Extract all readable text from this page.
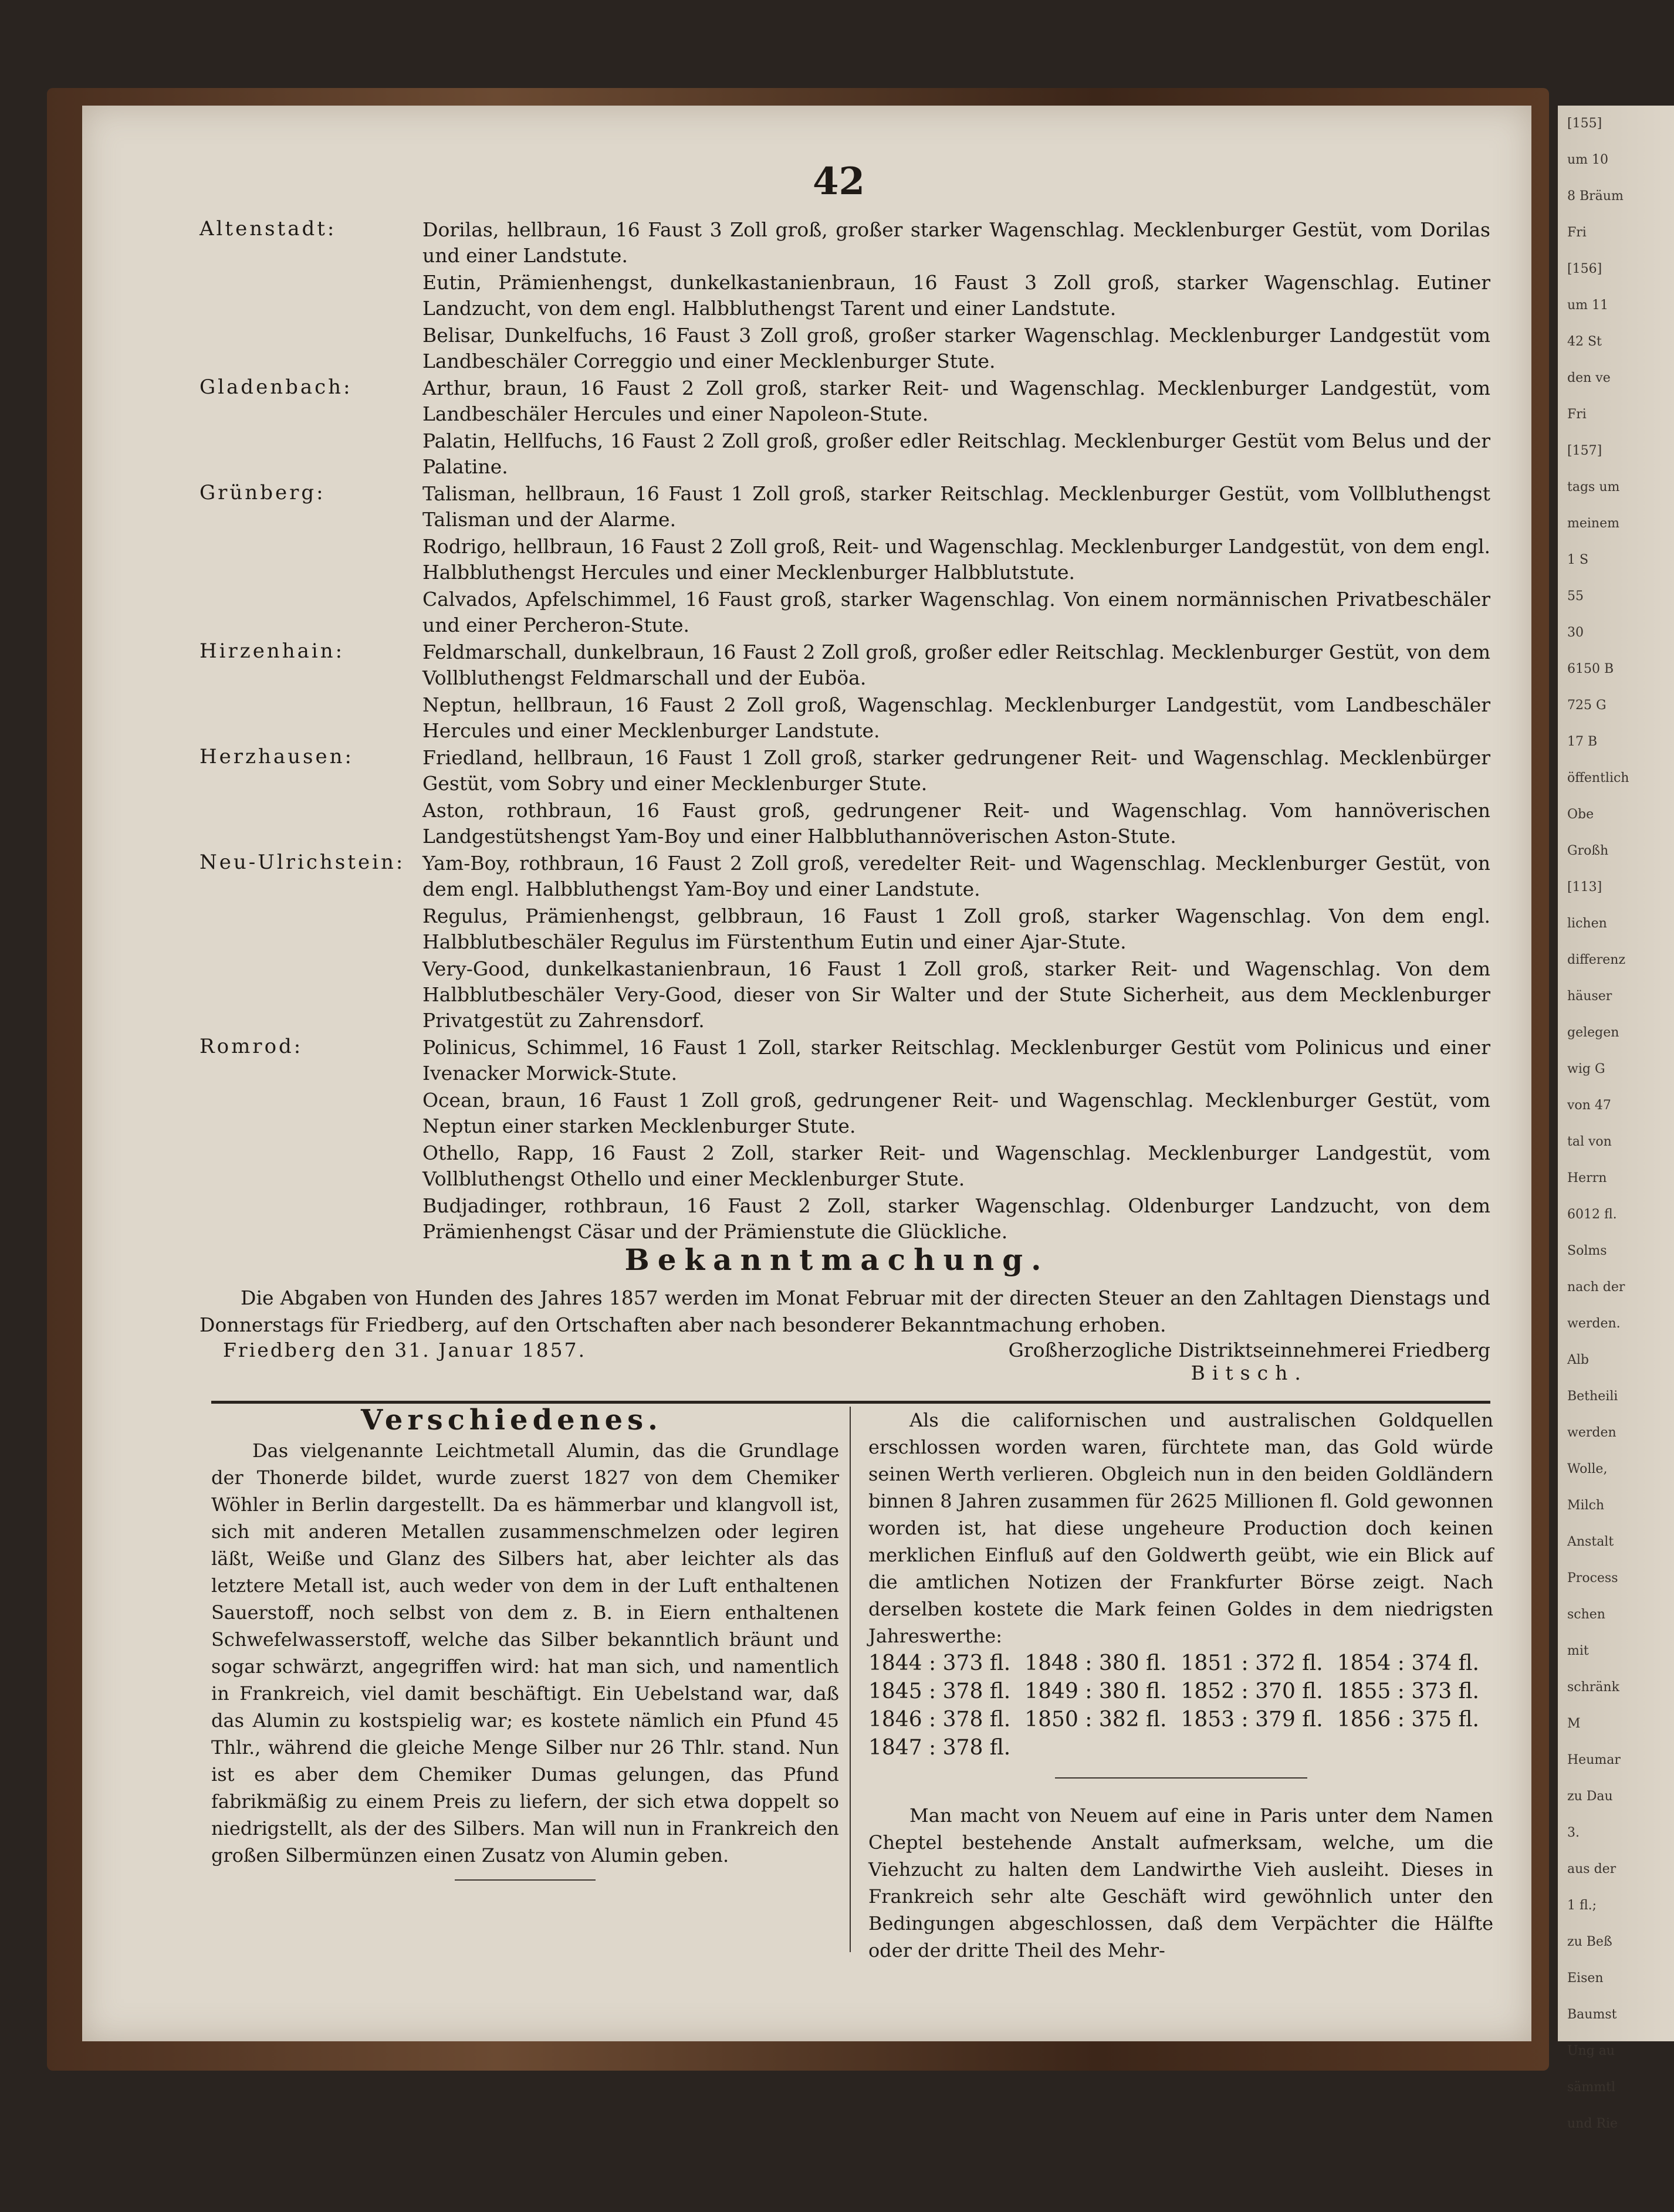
[155]
um 10
8 Bräum
Fri
[156]
um 11
42 St
den ve
Fri
[157]
tags um
meinem
1 S
55
30
6150 B
725 G
17 B
öffentlich
Obe
Großh
[113]
lichen
differenz
häuser
gelegen
wig G
von 47
tal von
Herrn
6012 fl.
Solms
nach der
werden.
Alb
Betheili
werden
Wolle,
Milch
Anstalt
Process
schen
mit
schränk
M
Heumar
zu Dau
3.
aus der
1 fl.;
zu Beß
Eisen
Baumst
Ung au
sämmtl
und Rie
42
Altenstadt:	Dorilas, hellbraun, 16 Faust 3 Zoll groß, großer starker Wagenschlag. Mecklenburger Gestüt, vom Dorilas und einer Landstute.
Eutin, Prämienhengst, dunkelkastanienbraun, 16 Faust 3 Zoll groß, starker Wagenschlag. Eutiner Landzucht, von dem engl. Halbbluthengst Tarent und einer Landstute.
Belisar, Dunkelfuchs, 16 Faust 3 Zoll groß, großer starker Wagenschlag. Mecklenburger Landgestüt vom Landbeschäler Correggio und einer Mecklenburger Stute.
Gladenbach:	Arthur, braun, 16 Faust 2 Zoll groß, starker Reit- und Wagenschlag. Mecklenburger Landgestüt, vom Landbeschäler Hercules und einer Napoleon-Stute.
Palatin, Hellfuchs, 16 Faust 2 Zoll groß, großer edler Reitschlag. Mecklenburger Gestüt vom Belus und der Palatine.
Grünberg:	Talisman, hellbraun, 16 Faust 1 Zoll groß, starker Reitschlag. Mecklenburger Gestüt, vom Vollbluthengst Talisman und der Alarme.
Rodrigo, hellbraun, 16 Faust 2 Zoll groß, Reit- und Wagenschlag. Mecklenburger Landgestüt, von dem engl. Halbbluthengst Hercules und einer Mecklenburger Halbblutstute.
Calvados, Apfelschimmel, 16 Faust groß, starker Wagenschlag. Von einem normännischen Privatbeschäler und einer Percheron-Stute.
Hirzenhain:	Feldmarschall, dunkelbraun, 16 Faust 2 Zoll groß, großer edler Reitschlag. Mecklenburger Gestüt, von dem Vollbluthengst Feldmarschall und der Euböa.
Neptun, hellbraun, 16 Faust 2 Zoll groß, Wagenschlag. Mecklenburger Landgestüt, vom Landbeschäler Hercules und einer Mecklenburger Landstute.
Herzhausen:	Friedland, hellbraun, 16 Faust 1 Zoll groß, starker gedrungener Reit- und Wagenschlag. Mecklenbürger Gestüt, vom Sobry und einer Mecklenburger Stute.
Aston, rothbraun, 16 Faust groß, gedrungener Reit- und Wagenschlag. Vom hannöverischen Landgestütshengst Yam-Boy und einer Halbbluthannöverischen Aston-Stute.
Neu-Ulrichstein: Yam-Boy, rothbraun, 16 Faust 2 Zoll groß, veredelter Reit- und Wagenschlag. Mecklenburger Gestüt, von dem engl. Halbbluthengst Yam-Boy und einer Landstute.
Regulus, Prämienhengst, gelbbraun, 16 Faust 1 Zoll groß, starker Wagenschlag. Von dem engl. Halbblutbeschäler Regulus im Fürstenthum Eutin und einer Ajar-Stute.
Very-Good, dunkelkastanienbraun, 16 Faust 1 Zoll groß, starker Reit- und Wagenschlag. Von dem Halbblutbeschäler Very-Good, dieser von Sir Walter und der Stute Sicherheit, aus dem Mecklenburger Privatgestüt zu Zahrensdorf.
Romrod:	Polinicus, Schimmel, 16 Faust 1 Zoll, starker Reitschlag. Mecklenburger Gestüt vom Polinicus und einer Ivenacker Morwick-Stute.
Ocean, braun, 16 Faust 1 Zoll groß, gedrungener Reit- und Wagenschlag. Mecklenburger Gestüt, vom Neptun einer starken Mecklenburger Stute.
Othello, Rapp, 16 Faust 2 Zoll, starker Reit- und Wagenschlag. Mecklenburger Landgestüt, vom Vollbluthengst Othello und einer Mecklenburger Stute.
Budjadinger, rothbraun, 16 Faust 2 Zoll, starker Wagenschlag. Oldenburger Landzucht, von dem Prämienhengst Cäsar und der Prämienstute die Glückliche.
Bekanntmachung.
Die Abgaben von Hunden des Jahres 1857 werden im Monat Februar mit der directen Steuer an den Zahltagen Dienstags und Donnerstags für Friedberg, auf den Ortschaften aber nach besonderer Bekanntmachung erhoben.
Friedberg den 31. Januar 1857.	Großherzogliche Distriktseinnehmerei Friedberg
Bitsch.
Verschiedenes.
Das vielgenannte Leichtmetall Alumin, das die Grundlage der Thonerde bildet, wurde zuerst 1827 von dem Chemiker Wöhler in Berlin dargestellt. Da es hämmerbar und klangvoll ist, sich mit anderen Metallen zusammenschmelzen oder legiren läßt, Weiße und Glanz des Silbers hat, aber leichter als das letztere Metall ist, auch weder von dem in der Luft enthaltenen Sauerstoff, noch selbst von dem z. B. in Eiern enthaltenen Schwefelwasserstoff, welche das Silber bekanntlich bräunt und sogar schwärzt, angegriffen wird: hat man sich, und namentlich in Frankreich, viel damit beschäftigt. Ein Uebelstand war, daß das Alumin zu kostspielig war; es kostete nämlich ein Pfund 45 Thlr., während die gleiche Menge Silber nur 26 Thlr. stand. Nun ist es aber dem Chemiker Dumas gelungen, das Pfund fabrikmäßig zu einem Preis zu liefern, der sich etwa doppelt so niedrigstellt, als der des Silbers. Man will nun in Frankreich den großen Silbermünzen einen Zusatz von Alumin geben.
Als die californischen und australischen Goldquellen erschlossen worden waren, fürchtete man, das Gold würde seinen Werth verlieren. Obgleich nun in den beiden Goldländern binnen 8 Jahren zusammen für 2625 Millionen fl. Gold gewonnen worden ist, hat diese ungeheure Production doch keinen merklichen Einfluß auf den Goldwerth geübt, wie ein Blick auf die amtlichen Notizen der Frankfurter Börse zeigt. Nach derselben kostete die Mark feinen Goldes in dem niedrigsten Jahreswerthe:
1844 : 373 fl. 1848 : 380 fl. 1851 : 372 fl. 1854 : 374 fl.
1845 : 378 fl. 1849 : 380 fl. 1852 : 370 fl. 1855 : 373 fl.
1846 : 378 fl. 1850 : 382 fl. 1853 : 379 fl. 1856 : 375 fl.
1847 : 378 fl.
Man macht von Neuem auf eine in Paris unter dem Namen Cheptel bestehende Anstalt aufmerksam, welche, um die Viehzucht zu halten dem Landwirthe Vieh ausleiht. Dieses in Frankreich sehr alte Geschäft wird gewöhnlich unter den Bedingungen abgeschlossen, daß dem Verpächter die Hälfte oder der dritte Theil des Mehr-
